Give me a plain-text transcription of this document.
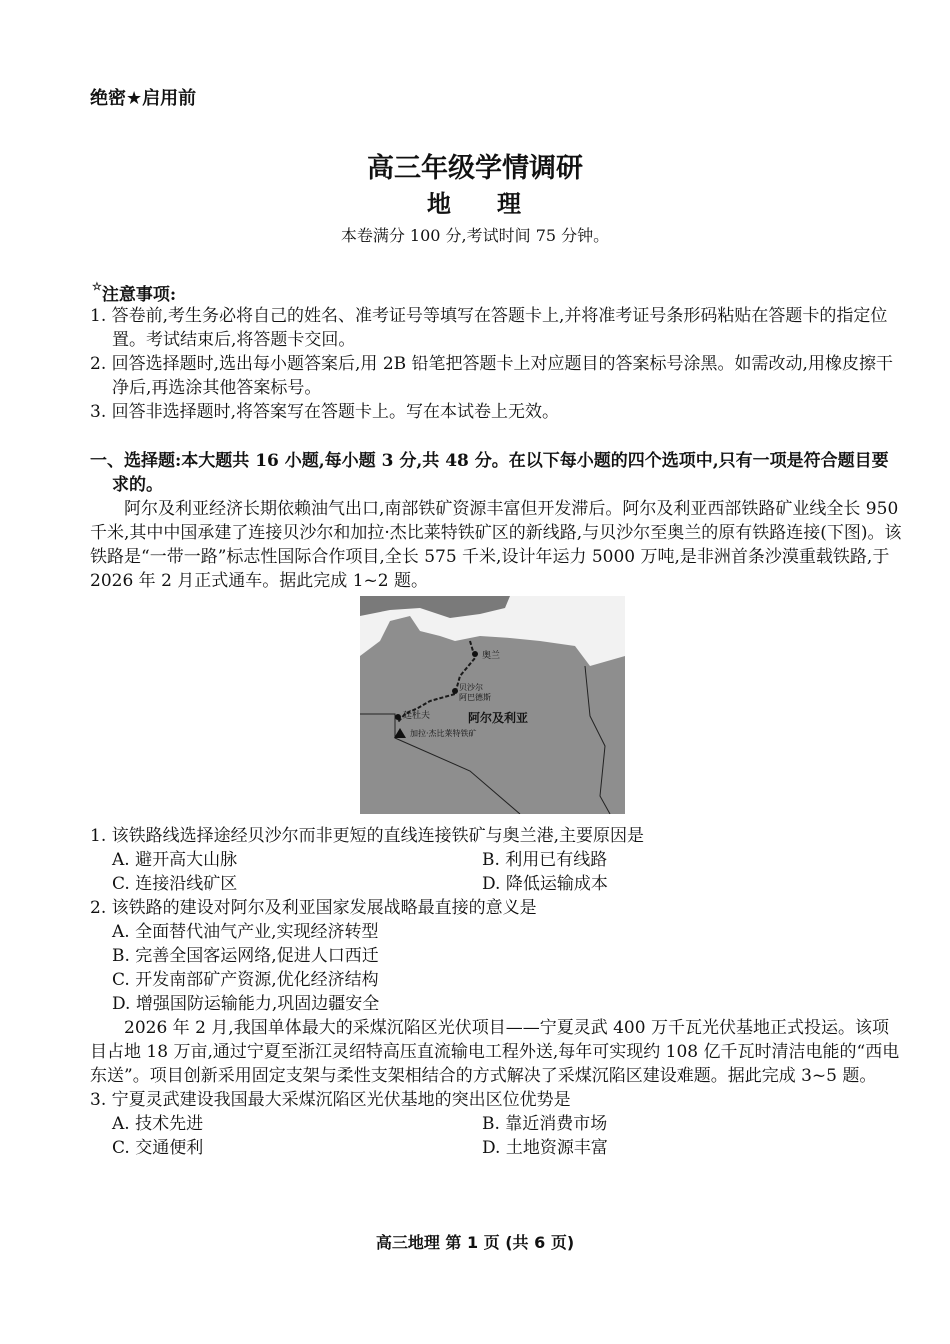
绝密★启用前
高三年级学情调研
地 理
本卷满分 100 分,考试时间 75 分钟。
☆注意事项:
1. 答卷前,考生务必将自己的姓名、准考证号等填写在答题卡上,并将准考证号条形码粘贴在答题卡的指定位置。考试结束后,将答题卡交回。
2. 回答选择题时,选出每小题答案后,用 2B 铅笔把答题卡上对应题目的答案标号涂黑。如需改动,用橡皮擦干净后,再选涂其他答案标号。
3. 回答非选择题时,将答案写在答题卡上。写在本试卷上无效。
一、选择题:本大题共 16 小题,每小题 3 分,共 48 分。在以下每小题的四个选项中,只有一项是符合题目要求的。
阿尔及利亚经济长期依赖油气出口,南部铁矿资源丰富但开发滞后。阿尔及利亚西部铁路矿业线全长 950 千米,其中中国承建了连接贝沙尔和加拉·杰比莱特铁矿区的新线路,与贝沙尔至奥兰的原有铁路连接(下图)。该铁路是“一带一路”标志性国际合作项目,全长 575 千米,设计年运力 5000 万吨,是非洲首条沙漠重载铁路,于 2026 年 2 月正式通车。据此完成 1~2 题。
奥兰
贝沙尔
阿巴德斯
廷杜夫	阿尔及利亚
加拉·杰比莱特铁矿
1. 该铁路线选择途经贝沙尔而非更短的直线连接铁矿与奥兰港,主要原因是
A. 避开高大山脉	B. 利用已有线路
C. 连接沿线矿区	D. 降低运输成本
2. 该铁路的建设对阿尔及利亚国家发展战略最直接的意义是
A. 全面替代油气产业,实现经济转型
B. 完善全国客运网络,促进人口西迁
C. 开发南部矿产资源,优化经济结构
D. 增强国防运输能力,巩固边疆安全
2026 年 2 月,我国单体最大的采煤沉陷区光伏项目——宁夏灵武 400 万千瓦光伏基地正式投运。该项目占地 18 万亩,通过宁夏至浙江灵绍特高压直流输电工程外送,每年可实现约 108 亿千瓦时清洁电能的“西电东送”。项目创新采用固定支架与柔性支架相结合的方式解决了采煤沉陷区建设难题。据此完成 3~5 题。
3. 宁夏灵武建设我国最大采煤沉陷区光伏基地的突出区位优势是
A. 技术先进	B. 靠近消费市场
C. 交通便利	D. 土地资源丰富
高三地理 第 1 页 (共 6 页)
